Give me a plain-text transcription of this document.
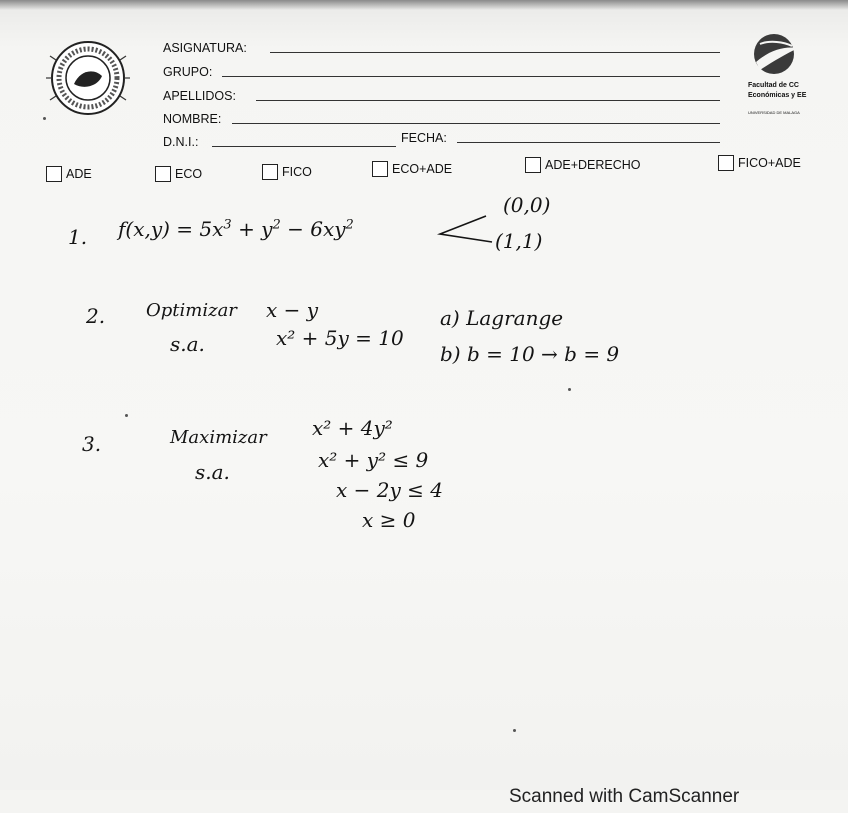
Facultad de CC
Económicas y EE
UNIVERSIDAD DE MALAGA
ASIGNATURA:
GRUPO:
APELLIDOS:
NOMBRE:
D.N.I.:	FECHA:
ADE	ECO	FICO	ECO+ADE	ADE+DERECHO	FICO+ADE
1. $f(x,y) = 5x^3 + y^2 - 6xy^2$
(0,0)
(1,1)
2. Optimizar x − y
s.a.	x² + 5y = 10
a) Lagrange
b) b = 10 → b = 9
3.	Maximizar x² + 4y²
s.a.	x² + y² ≤ 9
x − 2y ≤ 4
x ≥ 0
Scanned with CamScanner
